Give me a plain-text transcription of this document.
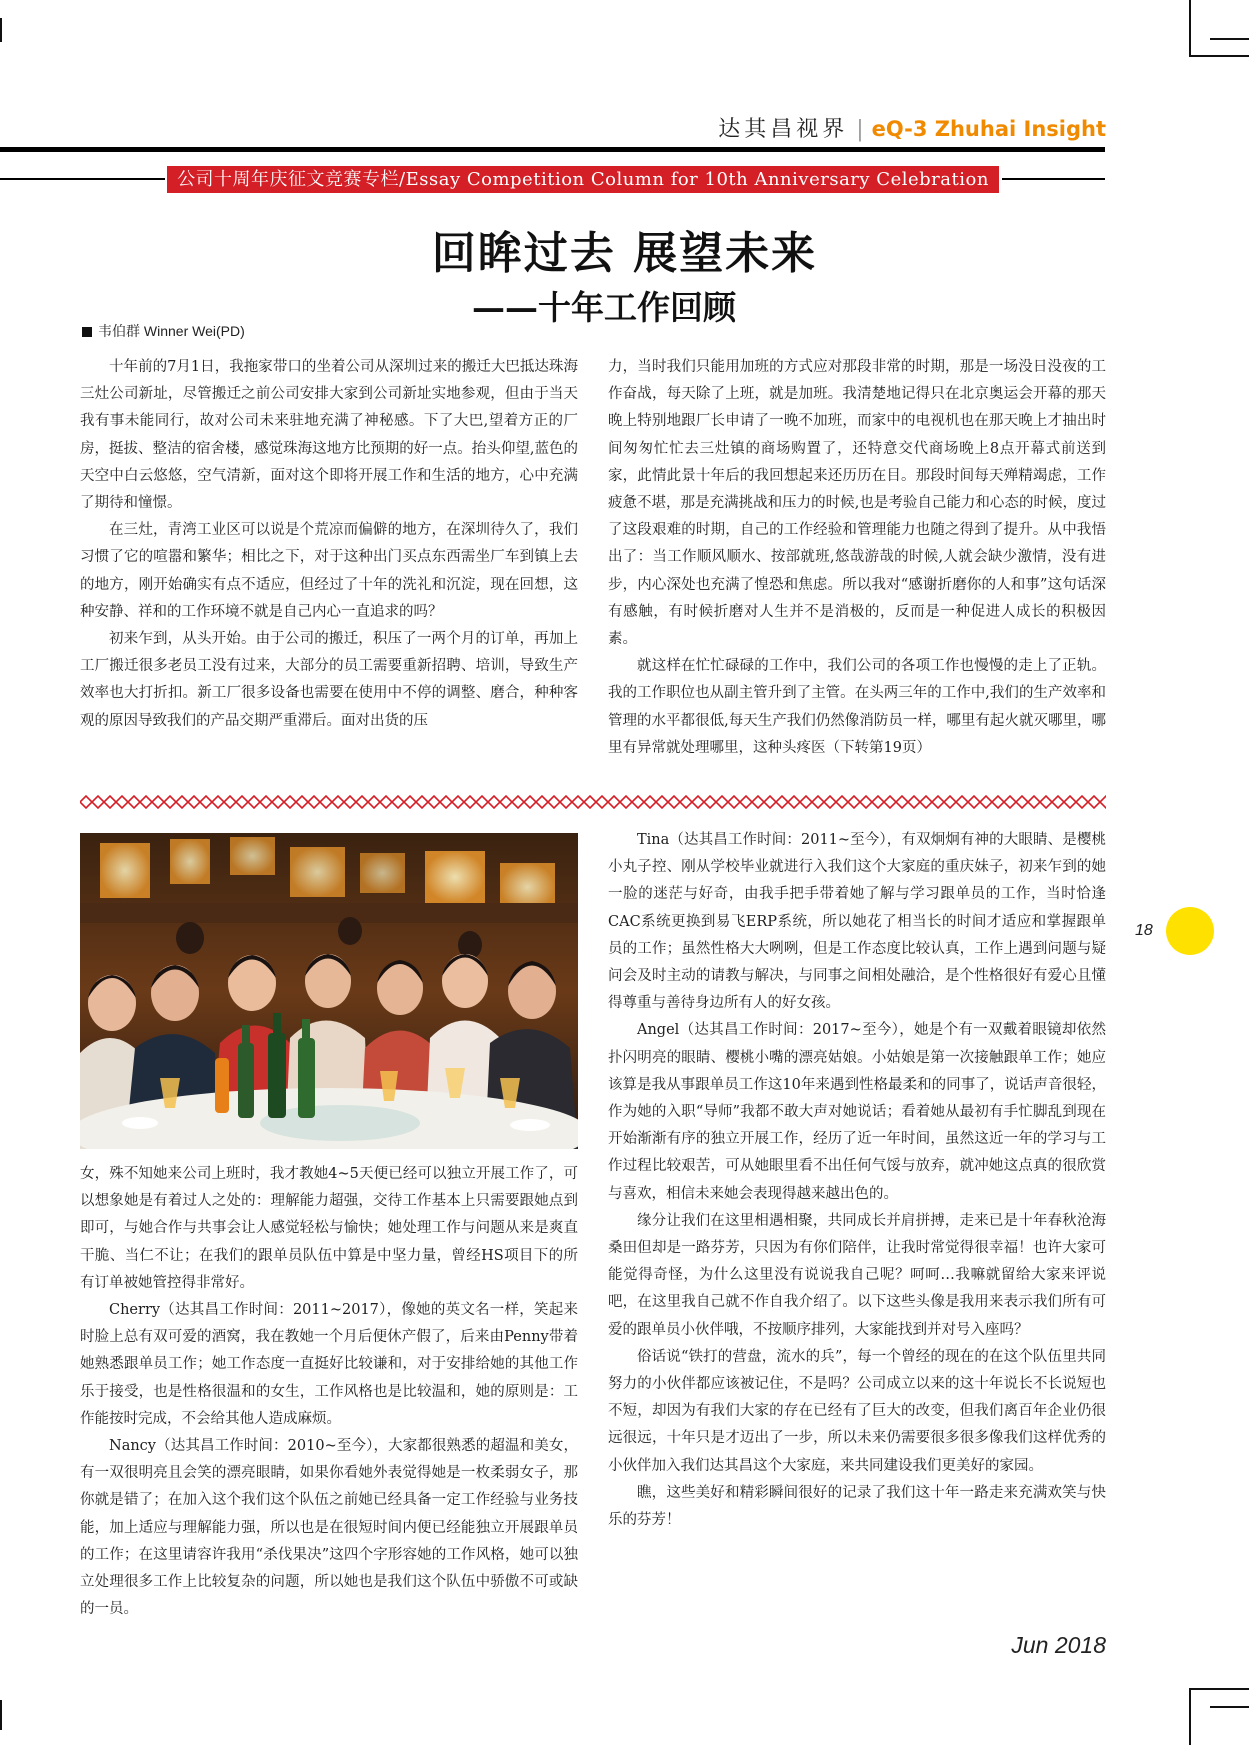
达其昌视界 | eQ-3 Zhuhai Insight
公司十周年庆征文竞赛专栏/Essay Competition Column for 10th Anniversary Celebration
回眸过去 展望未来
——十年工作回顾
韦伯群 Winner Wei(PD)

十年前的7月1日，我拖家带口的坐着公司从深圳过来的搬迁大巴抵达珠海三灶公司新址，尽管搬迁之前公司安排大家到公司新址实地参观，但由于当天我有事未能同行，故对公司未来驻地充满了神秘感。下了大巴,望着方正的厂房，挺拔、整洁的宿舍楼，感觉珠海这地方比预期的好一点。抬头仰望,蓝色的天空中白云悠悠，空气清新，面对这个即将开展工作和生活的地方，心中充满了期待和憧憬。

在三灶，青湾工业区可以说是个荒凉而偏僻的地方，在深圳待久了，我们习惯了它的喧嚣和繁华；相比之下，对于这种出门买点东西需坐厂车到镇上去的地方，刚开始确实有点不适应，但经过了十年的洗礼和沉淀，现在回想，这种安静、祥和的工作环境不就是自己内心一直追求的吗？

初来乍到，从头开始。由于公司的搬迁，积压了一两个月的订单，再加上工厂搬迁很多老员工没有过来，大部分的员工需要重新招聘、培训，导致生产效率也大打折扣。新工厂很多设备也需要在使用中不停的调整、磨合，种种客观的原因导致我们的产品交期严重滞后。面对出货的压

力，当时我们只能用加班的方式应对那段非常的时期，那是一场没日没夜的工作奋战，每天除了上班，就是加班。我清楚地记得只在北京奥运会开幕的那天晚上特别地跟厂长申请了一晚不加班，而家中的电视机也在那天晚上才抽出时间匆匆忙忙去三灶镇的商场购置了，还特意交代商场晚上8点开幕式前送到家，此情此景十年后的我回想起来还历历在目。那段时间每天殚精竭虑，工作疲惫不堪，那是充满挑战和压力的时候,也是考验自己能力和心态的时候，度过了这段艰难的时期，自己的工作经验和管理能力也随之得到了提升。从中我悟出了：当工作顺风顺水、按部就班,悠哉游哉的时候,人就会缺少激情，没有进步，内心深处也充满了惶恐和焦虑。所以我对“感谢折磨你的人和事”这句话深有感触，有时候折磨对人生并不是消极的，反而是一种促进人成长的积极因素。

就这样在忙忙碌碌的工作中，我们公司的各项工作也慢慢的走上了正轨。我的工作职位也从副主管升到了主管。在头两三年的工作中,我们的生产效率和管理的水平都很低,每天生产我们仍然像消防员一样，哪里有起火就灭哪里，哪里有异常就处理哪里，这种头疼医（下转第19页）

女，殊不知她来公司上班时，我才教她4~5天便已经可以独立开展工作了，可以想象她是有着过人之处的：理解能力超强，交待工作基本上只需要跟她点到即可，与她合作与共事会让人感觉轻松与愉快；她处理工作与问题从来是爽直干脆、当仁不让；在我们的跟单员队伍中算是中坚力量，曾经HS项目下的所有订单被她管控得非常好。

Cherry（达其昌工作时间：2011~2017），像她的英文名一样，笑起来时脸上总有双可爱的酒窝，我在教她一个月后便休产假了，后来由Penny带着她熟悉跟单员工作；她工作态度一直挺好比较谦和，对于安排给她的其他工作乐于接受，也是性格很温和的女生，工作风格也是比较温和，她的原则是：工作能按时完成，不会给其他人造成麻烦。

Nancy（达其昌工作时间：2010~至今），大家都很熟悉的超温和美女，有一双很明亮且会笑的漂亮眼睛，如果你看她外表觉得她是一枚柔弱女子，那你就是错了；在加入这个我们这个队伍之前她已经具备一定工作经验与业务技能，加上适应与理解能力强，所以也是在很短时间内便已经能独立开展跟单员的工作；在这里请容许我用“杀伐果决”这四个字形容她的工作风格，她可以独立处理很多工作上比较复杂的问题，所以她也是我们这个队伍中骄傲不可或缺的一员。

Tina（达其昌工作时间：2011~至今），有双炯炯有神的大眼睛、是樱桃小丸子控、刚从学校毕业就进行入我们这个大家庭的重庆妹子，初来乍到的她一脸的迷茫与好奇，由我手把手带着她了解与学习跟单员的工作，当时恰逢CAC系统更换到易飞ERP系统，所以她花了相当长的时间才适应和掌握跟单员的工作；虽然性格大大咧咧，但是工作态度比较认真，工作上遇到问题与疑问会及时主动的请教与解决，与同事之间相处融洽，是个性格很好有爱心且懂得尊重与善待身边所有人的好女孩。

Angel（达其昌工作时间：2017~至今），她是个有一双戴着眼镜却依然扑闪明亮的眼睛、樱桃小嘴的漂亮姑娘。小姑娘是第一次接触跟单工作；她应该算是我从事跟单员工作这10年来遇到性格最柔和的同事了，说话声音很轻，作为她的入职“导师”我都不敢大声对她说话；看着她从最初有手忙脚乱到现在开始渐渐有序的独立开展工作，经历了近一年时间，虽然这近一年的学习与工作过程比较艰苦，可从她眼里看不出任何气馁与放弃，就冲她这点真的很欣赏与喜欢，相信未来她会表现得越来越出色的。

缘分让我们在这里相遇相聚，共同成长并肩拼搏，走来已是十年春秋沧海桑田但却是一路芬芳，只因为有你们陪伴，让我时常觉得很幸福！也许大家可能觉得奇怪，为什么这里没有说说我自己呢？呵呵…我嘛就留给大家来评说吧，在这里我自己就不作自我介绍了。以下这些头像是我用来表示我们所有可爱的跟单员小伙伴哦，不按顺序排列，大家能找到并对号入座吗？

俗话说“铁打的营盘，流水的兵”，每一个曾经的现在的在这个队伍里共同努力的小伙伴都应该被记住，不是吗？公司成立以来的这十年说长不长说短也不短，却因为有我们大家的存在已经有了巨大的改变，但我们离百年企业仍很远很远，十年只是才迈出了一步，所以未来仍需要很多很多像我们这样优秀的小伙伴加入我们达其昌这个大家庭，来共同建设我们更美好的家园。

瞧，这些美好和精彩瞬间很好的记录了我们这十年一路走来充满欢笑与快乐的芬芳！

18
Jun 2018
